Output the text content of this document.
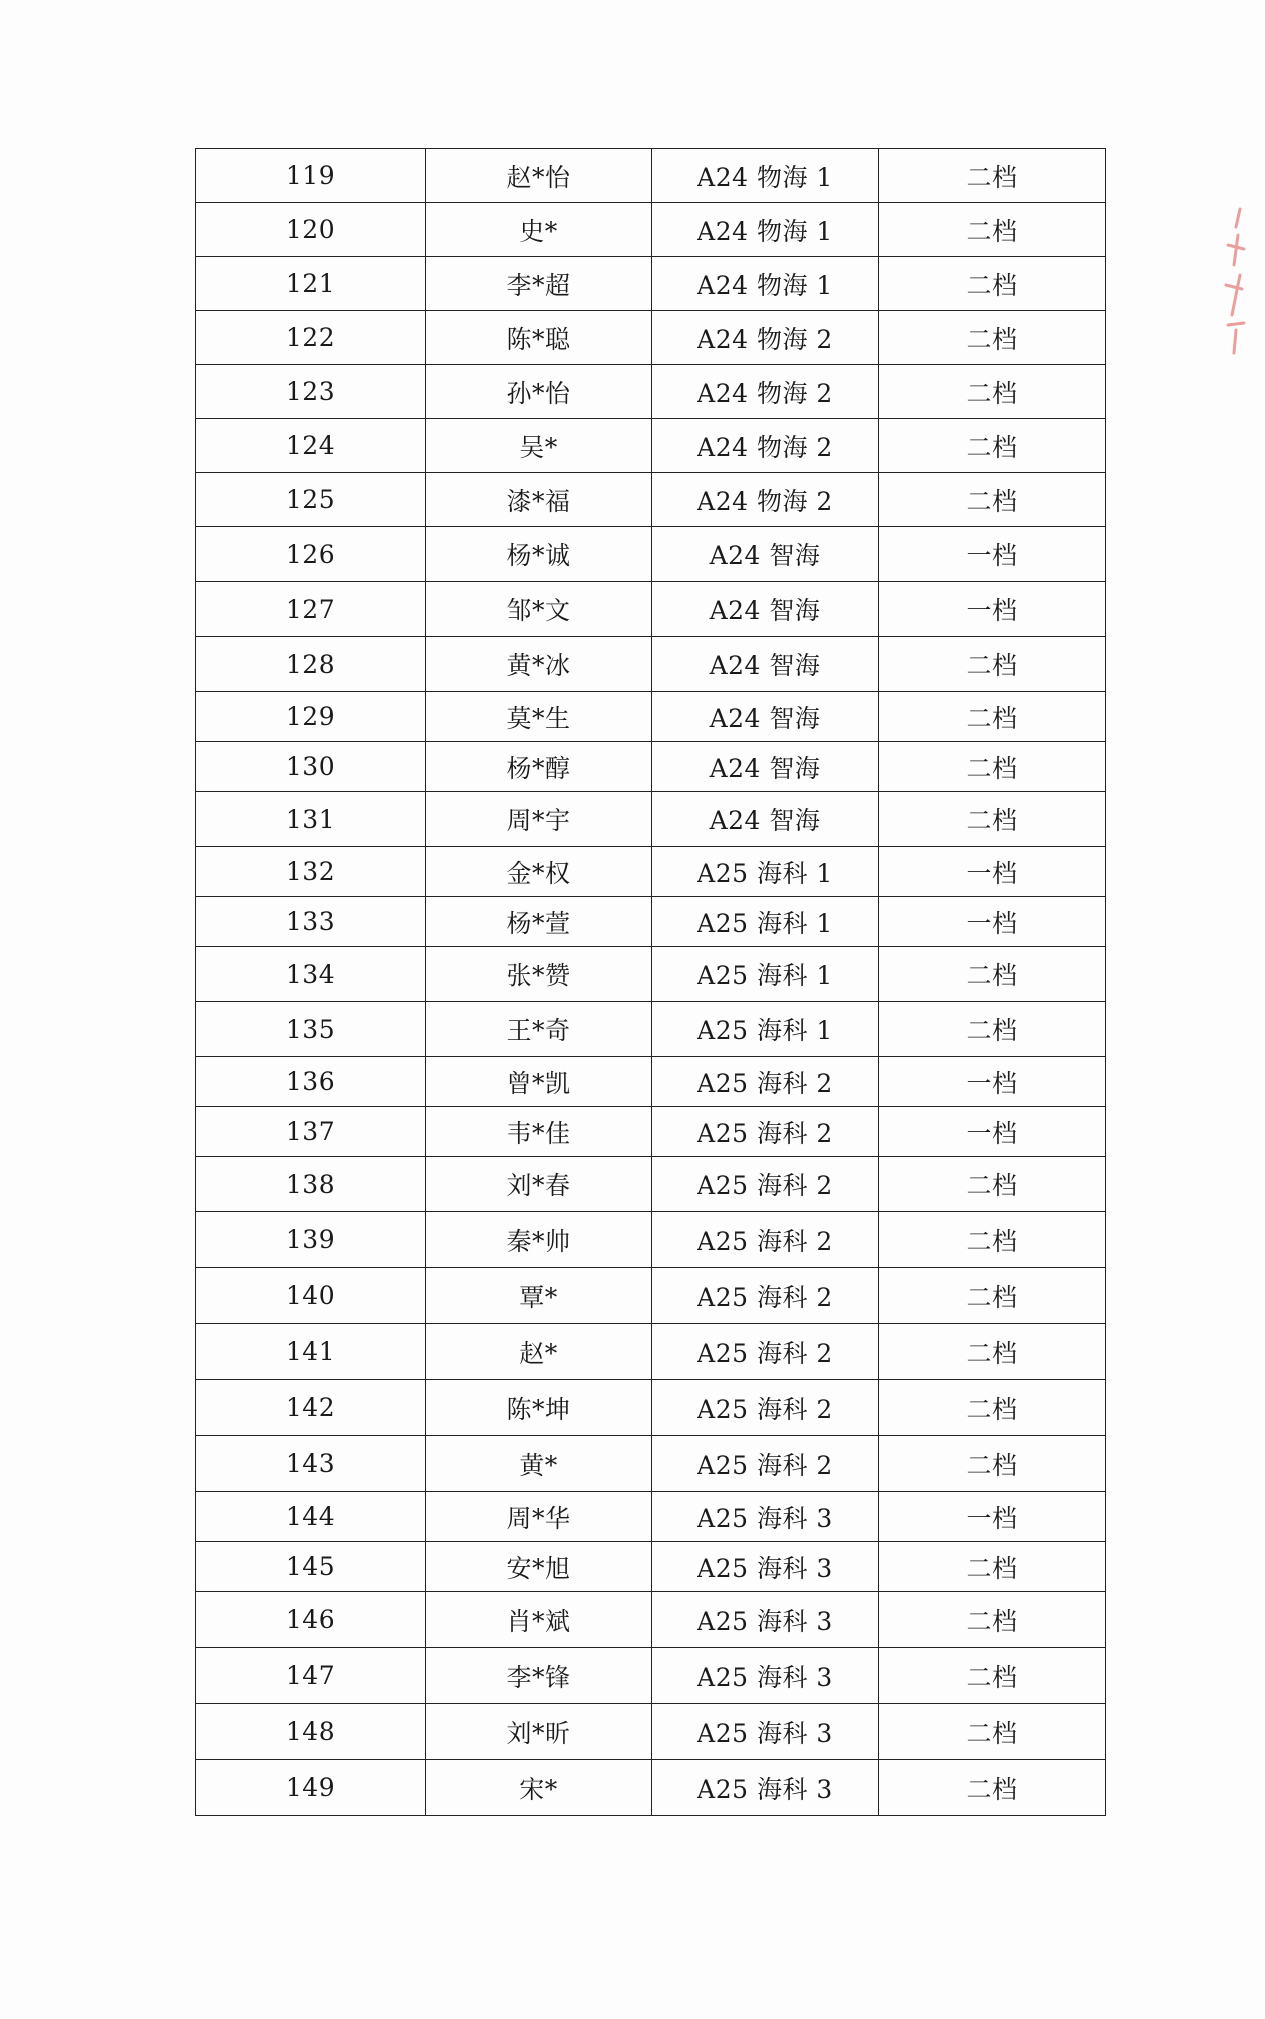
119	赵*怡	A24 物海 1	二档
120	史*	A24 物海 1	二档
121	李*超	A24 物海 1	二档
122	陈*聪	A24 物海 2	二档
123	孙*怡	A24 物海 2	二档
124	吴*	A24 物海 2	二档
125	漆*福	A24 物海 2	二档
126	杨*诚	A24 智海	一档
127	邹*文	A24 智海	一档
128	黄*冰	A24 智海	二档
129	莫*生	A24 智海	二档
130	杨*醇	A24 智海	二档
131	周*宇	A24 智海	二档
132	金*权	A25 海科 1	一档
133	杨*萱	A25 海科 1	一档
134	张*赞	A25 海科 1	二档
135	王*奇	A25 海科 1	二档
136	曾*凯	A25 海科 2	一档
137	韦*佳	A25 海科 2	一档
138	刘*春	A25 海科 2	二档
139	秦*帅	A25 海科 2	二档
140	覃*	A25 海科 2	二档
141	赵*	A25 海科 2	二档
142	陈*坤	A25 海科 2	二档
143	黄*	A25 海科 2	二档
144	周*华	A25 海科 3	一档
145	安*旭	A25 海科 3	二档
146	肖*斌	A25 海科 3	二档
147	李*锋	A25 海科 3	二档
148	刘*昕	A25 海科 3	二档
149	宋*	A25 海科 3	二档
